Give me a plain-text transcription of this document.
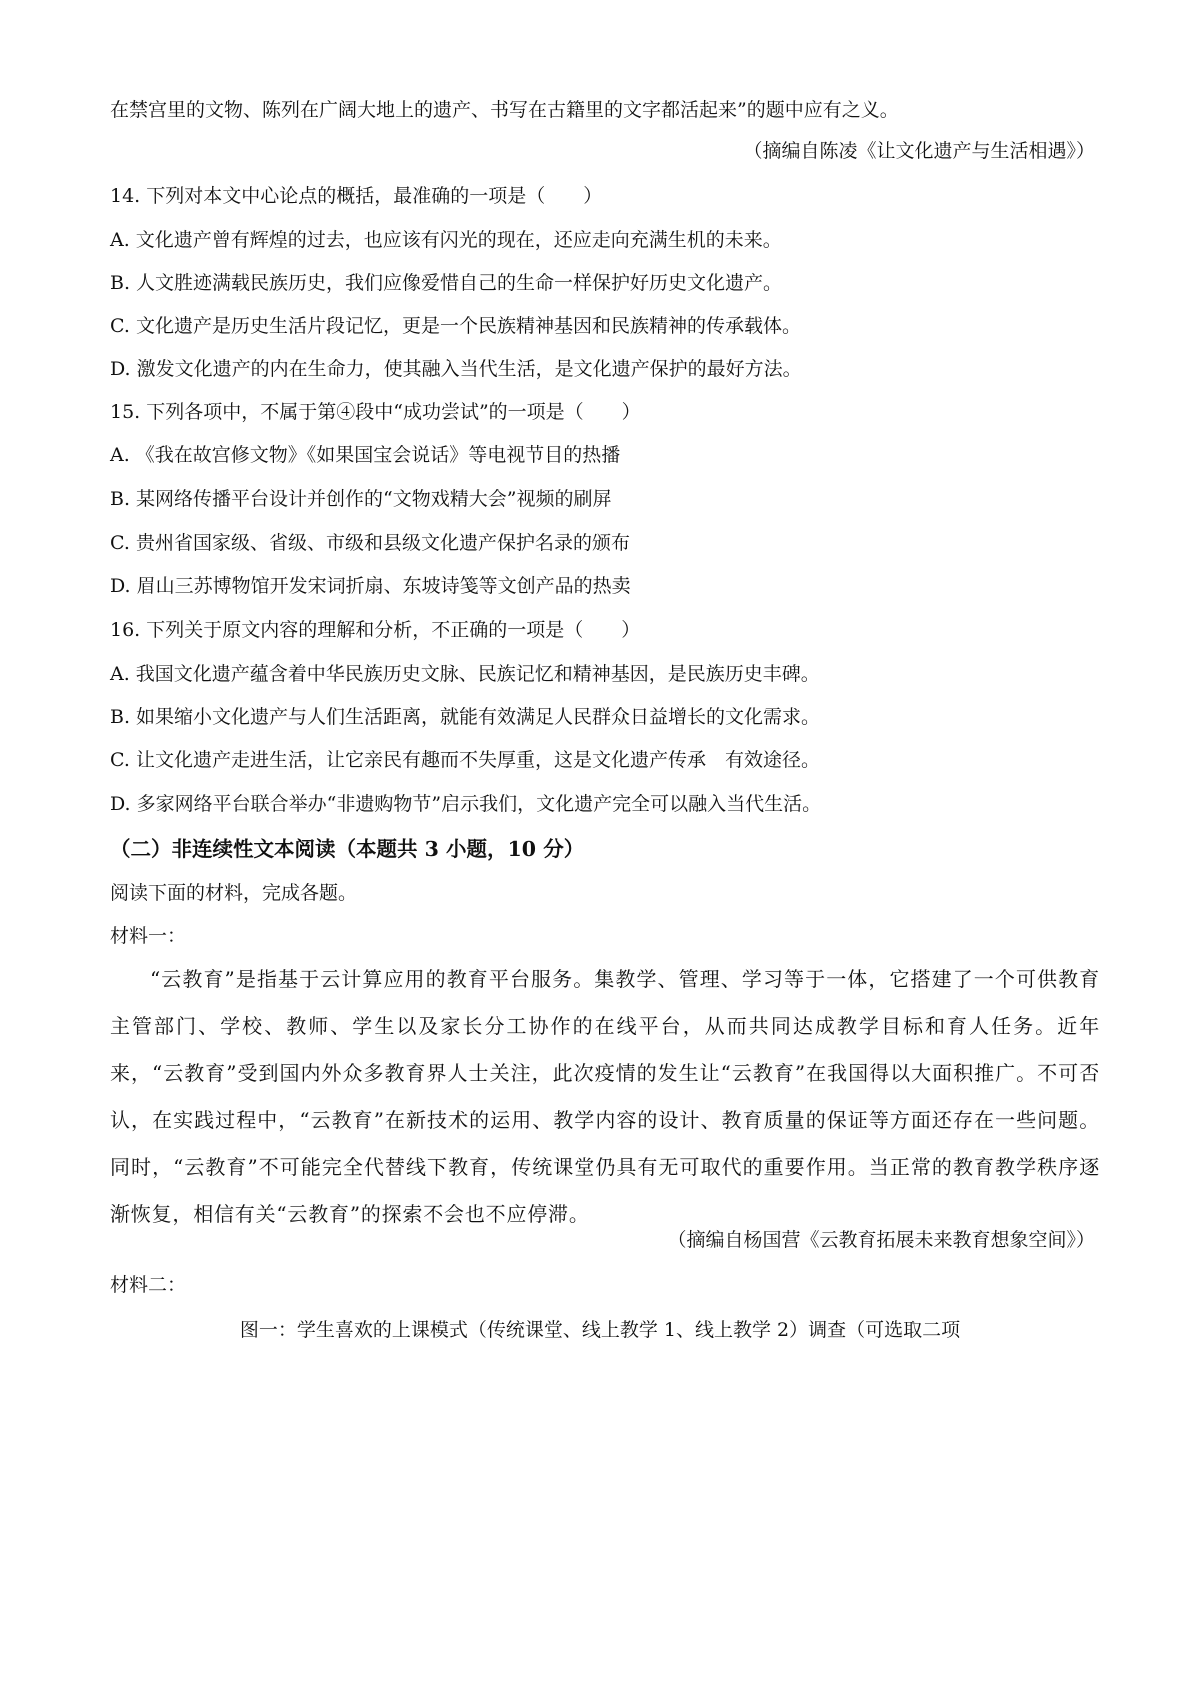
在禁宫里的文物、陈列在广阔大地上的遗产、书写在古籍里的文字都活起来”的题中应有之义。
（摘编自陈凌《让文化遗产与生活相遇》）
14. 下列对本文中心论点的概括，最准确的一项是（　　）
A. 文化遗产曾有辉煌的过去，也应该有闪光的现在，还应走向充满生机的未来。
B. 人文胜迹满载民族历史，我们应像爱惜自己的生命一样保护好历史文化遗产。
C. 文化遗产是历史生活片段记忆，更是一个民族精神基因和民族精神的传承载体。
D. 激发文化遗产的内在生命力，使其融入当代生活，是文化遗产保护的最好方法。
15. 下列各项中，不属于第④段中“成功尝试”的一项是（　　）
A. 《我在故宫修文物》《如果国宝会说话》等电视节目的热播
B. 某网络传播平台设计并创作的“文物戏精大会”视频的刷屏
C. 贵州省国家级、省级、市级和县级文化遗产保护名录的颁布
D. 眉山三苏博物馆开发宋词折扇、东坡诗笺等文创产品的热卖
16. 下列关于原文内容的理解和分析，不正确的一项是（　　）
A. 我国文化遗产蕴含着中华民族历史文脉、民族记忆和精神基因，是民族历史丰碑。
B. 如果缩小文化遗产与人们生活距离，就能有效满足人民群众日益增长的文化需求。
C. 让文化遗产走进生活，让它亲民有趣而不失厚重，这是文化遗产传承　有效途径。
D. 多家网络平台联合举办“非遗购物节”启示我们，文化遗产完全可以融入当代生活。
（二）非连续性文本阅读（本题共 3 小题，10 分）
阅读下面的材料，完成各题。
材料一：
“云教育”是指基于云计算应用的教育平台服务。集教学、管理、学习等于一体，它搭建了一个可供教育主管部门、学校、教师、学生以及家长分工协作的在线平台，从而共同达成教学目标和育人任务。近年来，“云教育”受到国内外众多教育界人士关注，此次疫情的发生让“云教育”在我国得以大面积推广。不可否认，在实践过程中，“云教育”在新技术的运用、教学内容的设计、教育质量的保证等方面还存在一些问题。同时，“云教育”不可能完全代替线下教育，传统课堂仍具有无可取代的重要作用。当正常的教育教学秩序逐渐恢复，相信有关“云教育”的探索不会也不应停滞。
（摘编自杨国营《云教育拓展未来教育想象空间》）
材料二：
图一：学生喜欢的上课模式（传统课堂、线上教学 1、线上教学 2）调查（可选取二项
